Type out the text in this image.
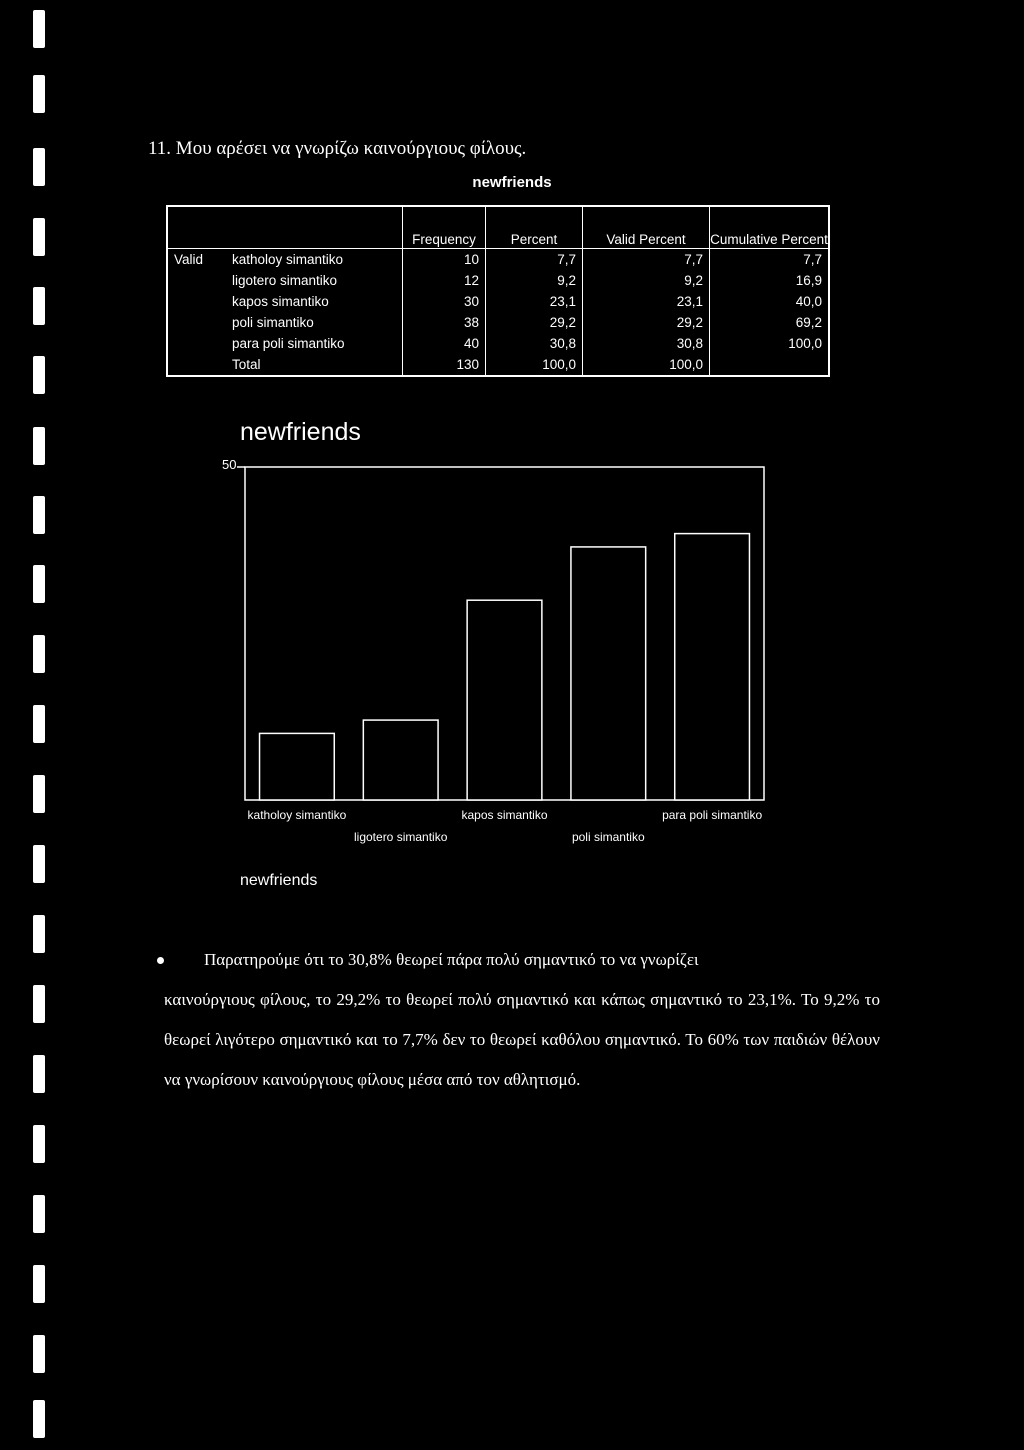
11. Μου αρέσει να γνωρίζω καινούργιους φίλους.
newfriends
		Frequency	Percent	Valid Percent	Cumulative Percent
Valid	katholoy simantiko	10	7,7	7,7	7,7
	ligotero simantiko	12	9,2	9,2	16,9
	kapos simantiko	30	23,1	23,1	40,0
	poli simantiko	38	29,2	29,2	69,2
	para poli simantiko	40	30,8	30,8	100,0
	Total	130	100,0	100,0	
newfriends
50
katholoy simantiko
ligotero simantiko
kapos simantiko
poli simantiko
para poli simantiko
newfriends

Παρατηρούμε ότι το 30,8% θεωρεί πάρα πολύ σημαντικό το να γνωρίζει
καινούργιους φίλους, το 29,2% το θεωρεί πολύ σημαντικό και κάπως σημαντικό το 23,1%. Το 9,2% το θεωρεί λιγότερο σημαντικό και το 7,7% δεν το θεωρεί καθόλου σημαντικό. Το 60% των παιδιών θέλουν να γνωρίσουν καινούργιους φίλους μέσα από τον αθλητισμό.
